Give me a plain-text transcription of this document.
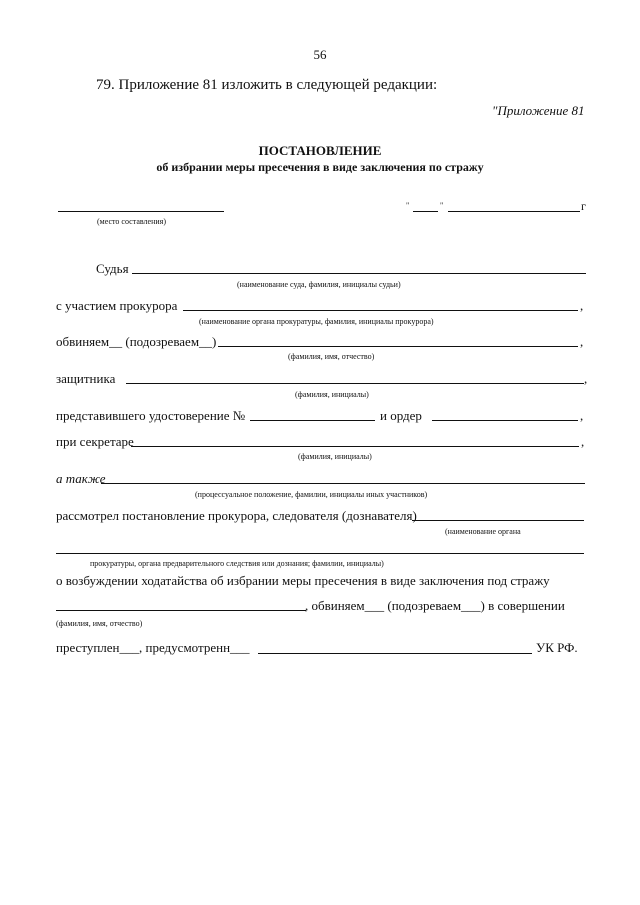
56
79. Приложение 81 изложить в следующей редакции:
"Приложение 81
ПОСТАНОВЛЕНИЕ
об избрании меры пресечения в виде заключения по стражу
(место составления)
"	"	г
Судья
(наименование суда, фамилия, инициалы судьи)
с участием прокурора	,
(наименование органа прокуратуры, фамилия, инициалы прокурора)
обвиняем__ (подозреваем__)	,
(фамилия, имя, отчество)
защитника	,
(фамилия, инициалы)
представившего удостоверение №	и ордер	,
при секретаре	,
(фамилия, инициалы)
а также
(процессуальное положение, фамилии, инициалы иных участников)
рассмотрел постановление прокурора, следователя (дознавателя)
(наименование органа
прокуратуры, органа предварительного следствия или дознания; фамилии, инициалы)
о возбуждении ходатайства об избрании меры пресечения в виде заключения под стражу
, обвиняем___ (подозреваем___) в совершении
(фамилия, имя, отчество)
преступлен___, предусмотренн___	УК РФ.
